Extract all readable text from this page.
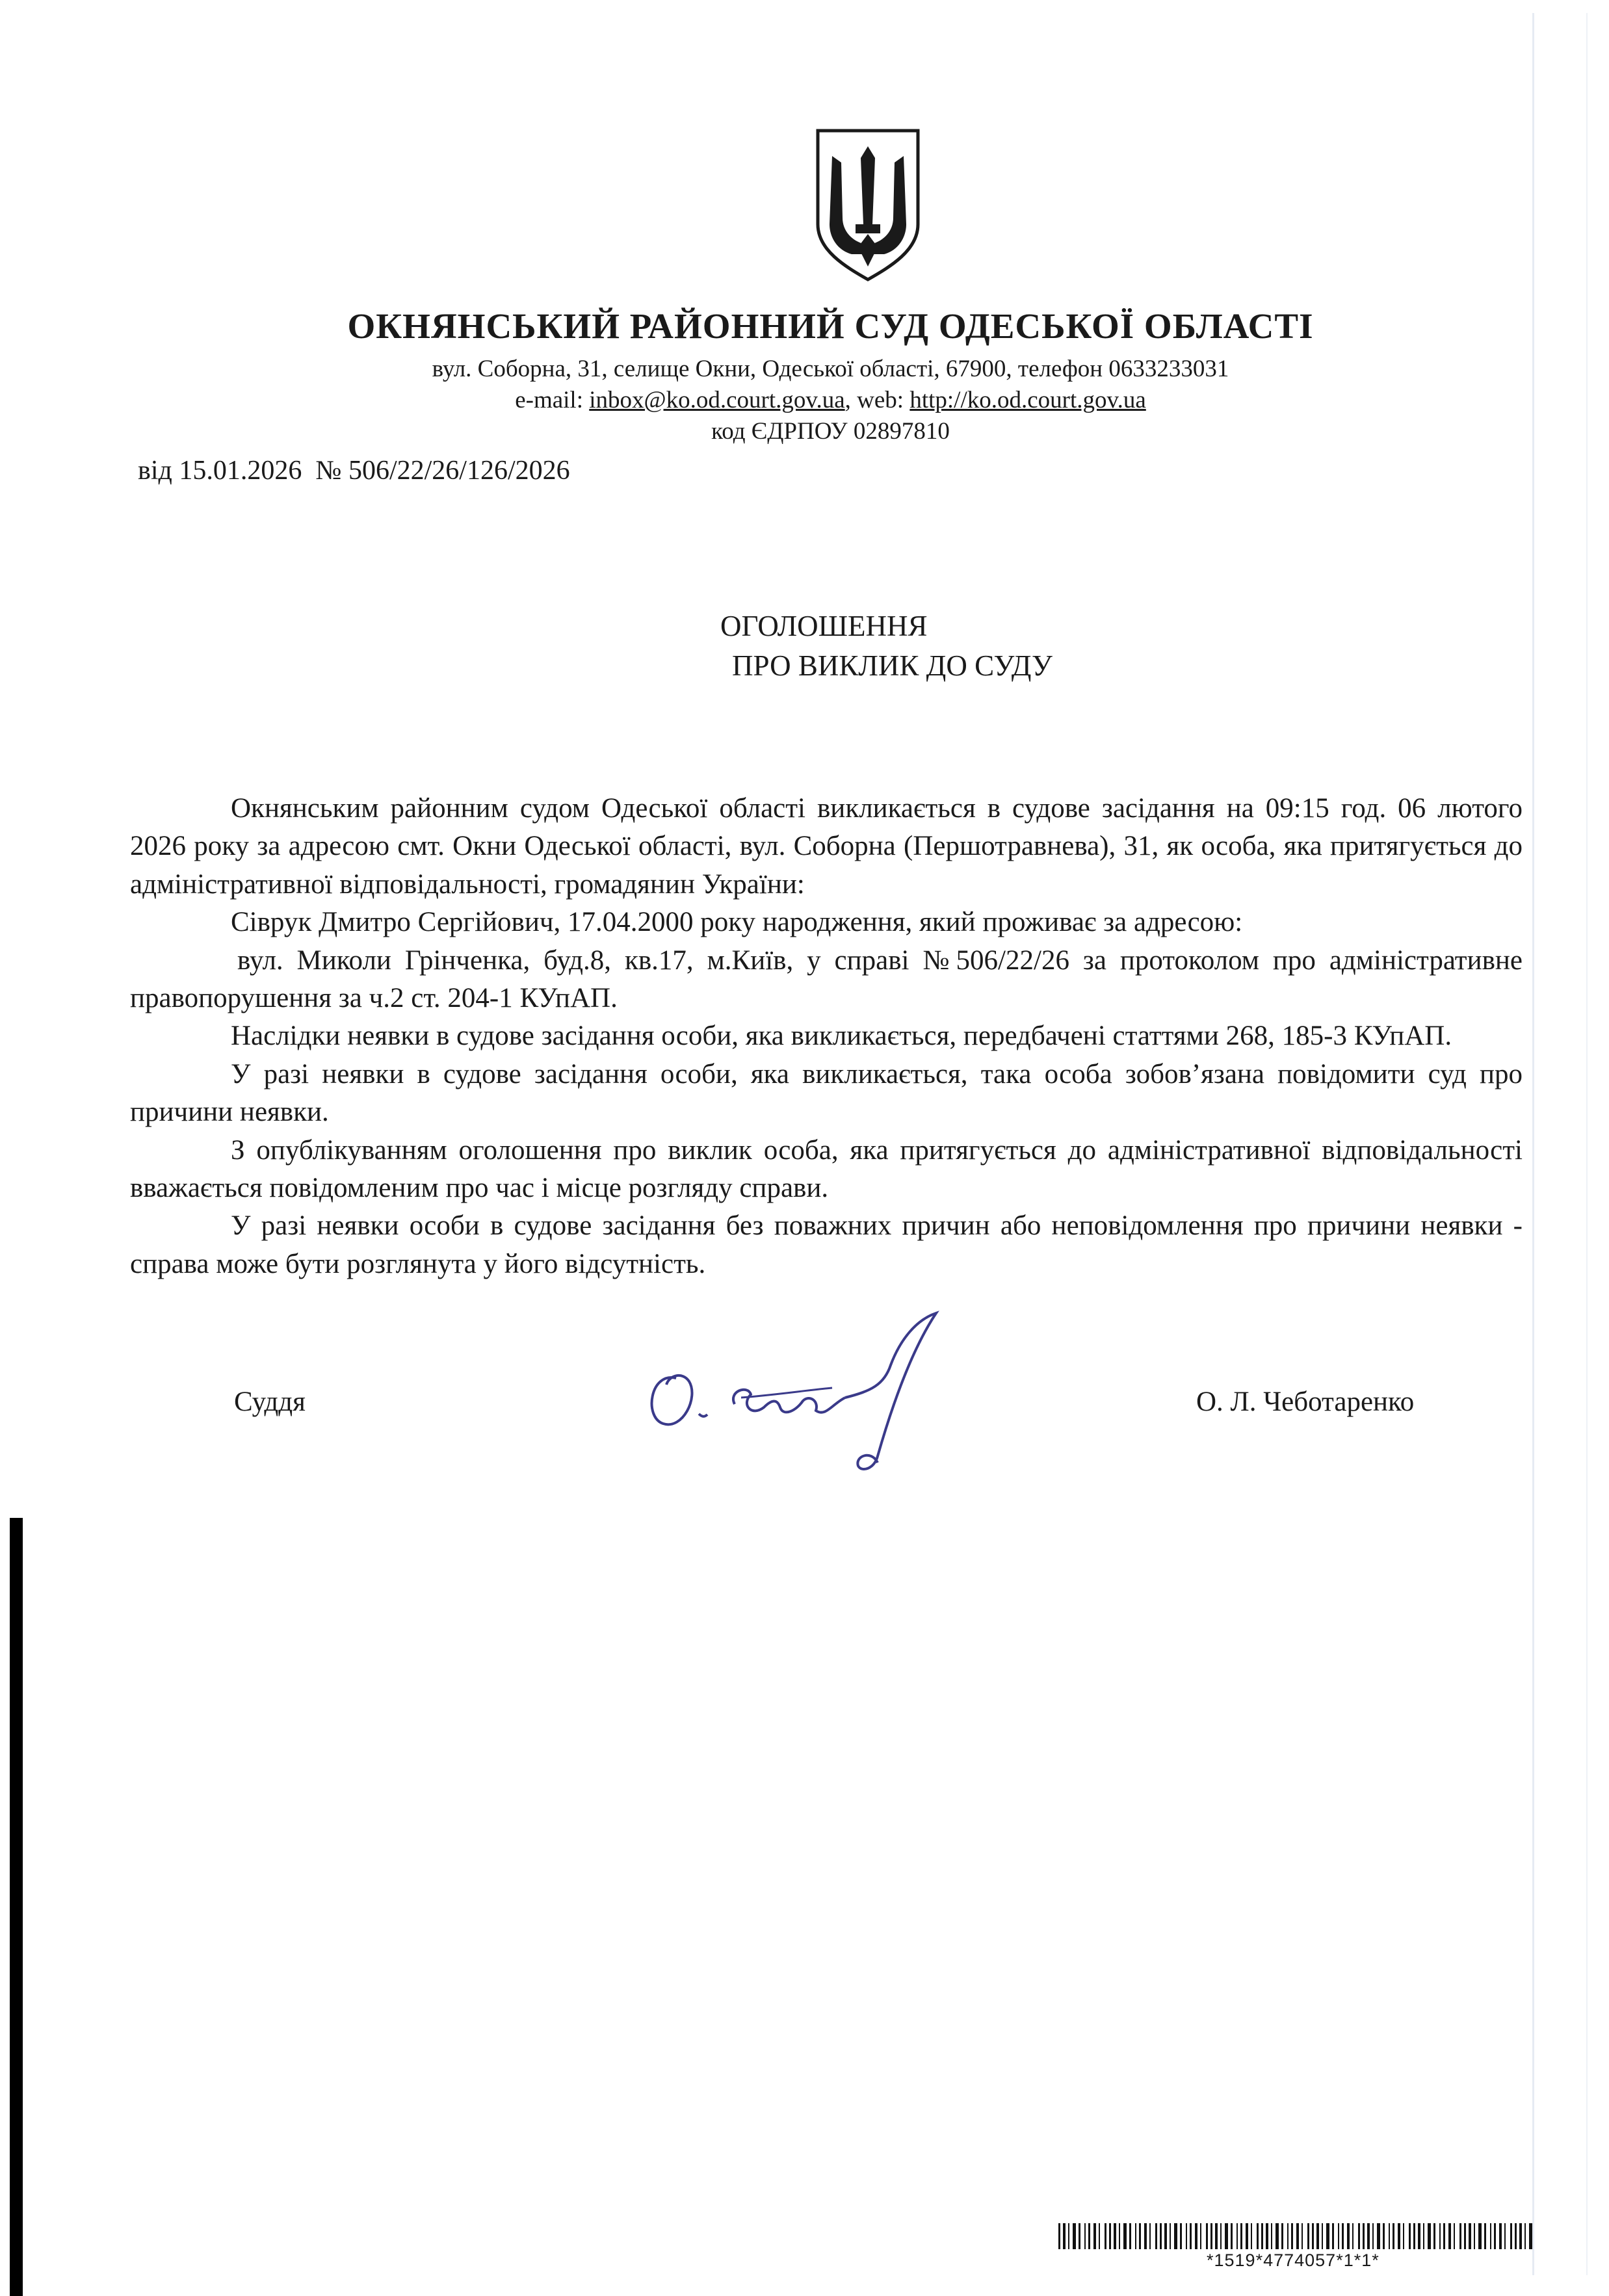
ОКНЯНСЬКИЙ РАЙОННИЙ СУД ОДЕСЬКОЇ ОБЛАСТІ
вул. Соборна, 31, селище Окни, Одеської області, 67900, телефон 0633233031
e-mail: inbox@ko.od.court.gov.ua, web: http://ko.od.court.gov.ua
код ЄДРПОУ 02897810
від 15.01.2026  № 506/22/26/126/2026
ОГОЛОШЕННЯ
ПРО ВИКЛИК ДО СУДУ

Окнянським районним судом Одеської області викликається в судове засідання на 09:15 год. 06 лютого 2026 року за адресою смт. Окни Одеської області, вул. Соборна (Першотравнева), 31, як особа, яка притягується до адміністративної відповідальності, громадянин України:

Сіврук Дмитро Сергійович, 17.04.2000 року народження, який проживає за адресою:

вул. Миколи Грінченка, буд.8, кв.17, м.Київ, у справі №506/22/26 за протоколом про адміністративне правопорушення за ч.2 ст. 204-1 КУпАП.

Наслідки неявки в судове засідання особи, яка викликається, передбачені статтями 268, 185-3 КУпАП.

У разі неявки в судове засідання особи, яка викликається, така особа зобов’язана повідомити суд про причини неявки.

З опублікуванням оголошення про виклик особа, яка притягується до адміністративної відповідальності вважається повідомленим про час і місце розгляду справи.

У разі неявки особи в судове засідання без поважних причин або неповідомлення про причини неявки - справа може бути розглянута у його відсутність.

Суддя	О. Л. Чеботаренко
*1519*4774057*1*1*
